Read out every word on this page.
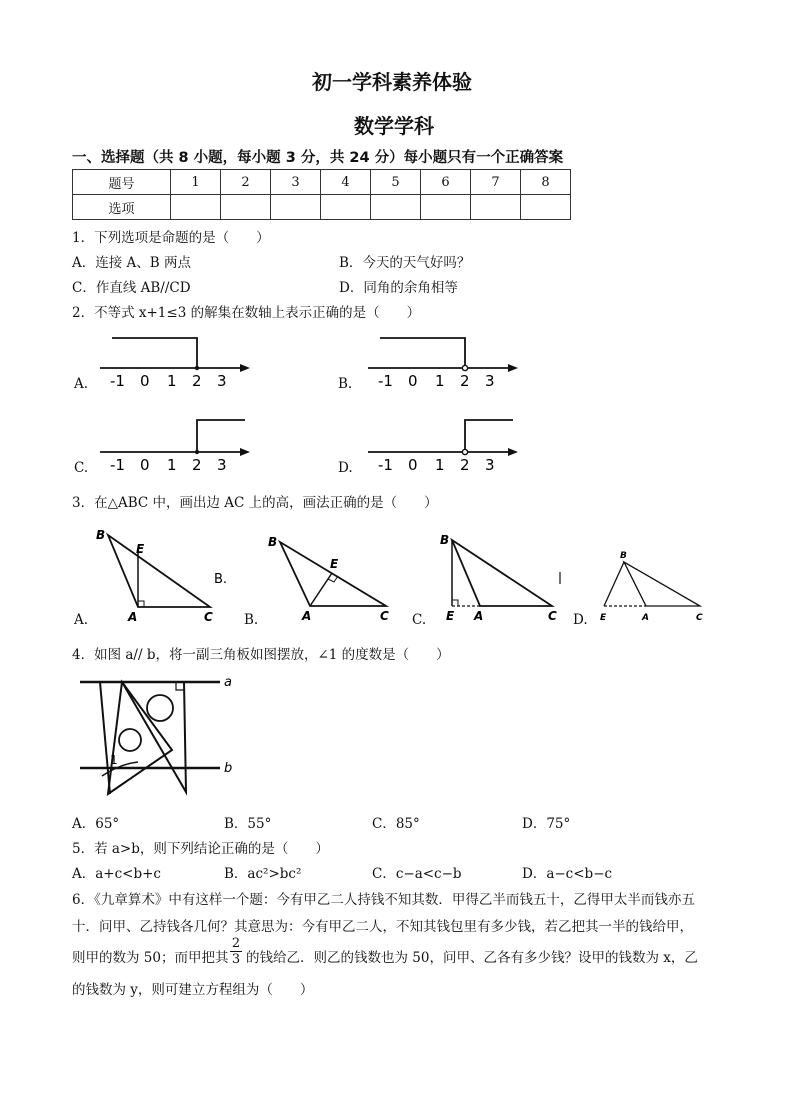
初一学科素养体验
数学学科
一、选择题（共 8 小题，每小题 3 分，共 24 分）每小题只有一个正确答案
题号	1	2	3	4	5	6	7	8
选项								
1．下列选项是命题的是（　　）
A．连接 A、B 两点	B．今天的天气好吗？
C．作直线 AB//CD	D．同角的余角相等
2．不等式 x+1≤3 的解集在数轴上表示正确的是（　　）
A. -1 0 1 2 3	B. -1 0 1 2 3
C. -1 0 1 2 3	D. -1 0 1 2 3
3．在△ABC 中，画出边 AC 上的高，画法正确的是（　　）
A.
B
E
A	C
B.
B.
B
E
A	C C.
B
E A	C D.
B
E	A	C
4．如图 a// b，将一副三角板如图摆放，∠1 的度数是（　　）
a
b
1
A．65°	B．55°	C．85°	D．75°
5．若 a>b，则下列结论正确的是（　　）
A．a+c<b+c	B．ac²>bc²	C．c−a<c−b	D．a−c<b−c
6．《九章算术》中有这样一个题：今有甲乙二人持钱不知其数．甲得乙半而钱五十，乙得甲太半而钱亦五
十．问甲、乙持钱各几何？其意思为：今有甲乙二人，不知其钱包里有多少钱，若乙把其一半的钱给甲，
则甲的数为 50；而甲把其 $\frac{2}{3}$ 的钱给乙．则乙的钱数也为 50，问甲、乙各有多少钱？设甲的钱数为 x，乙
的钱数为 y，则可建立方程组为（　　）
